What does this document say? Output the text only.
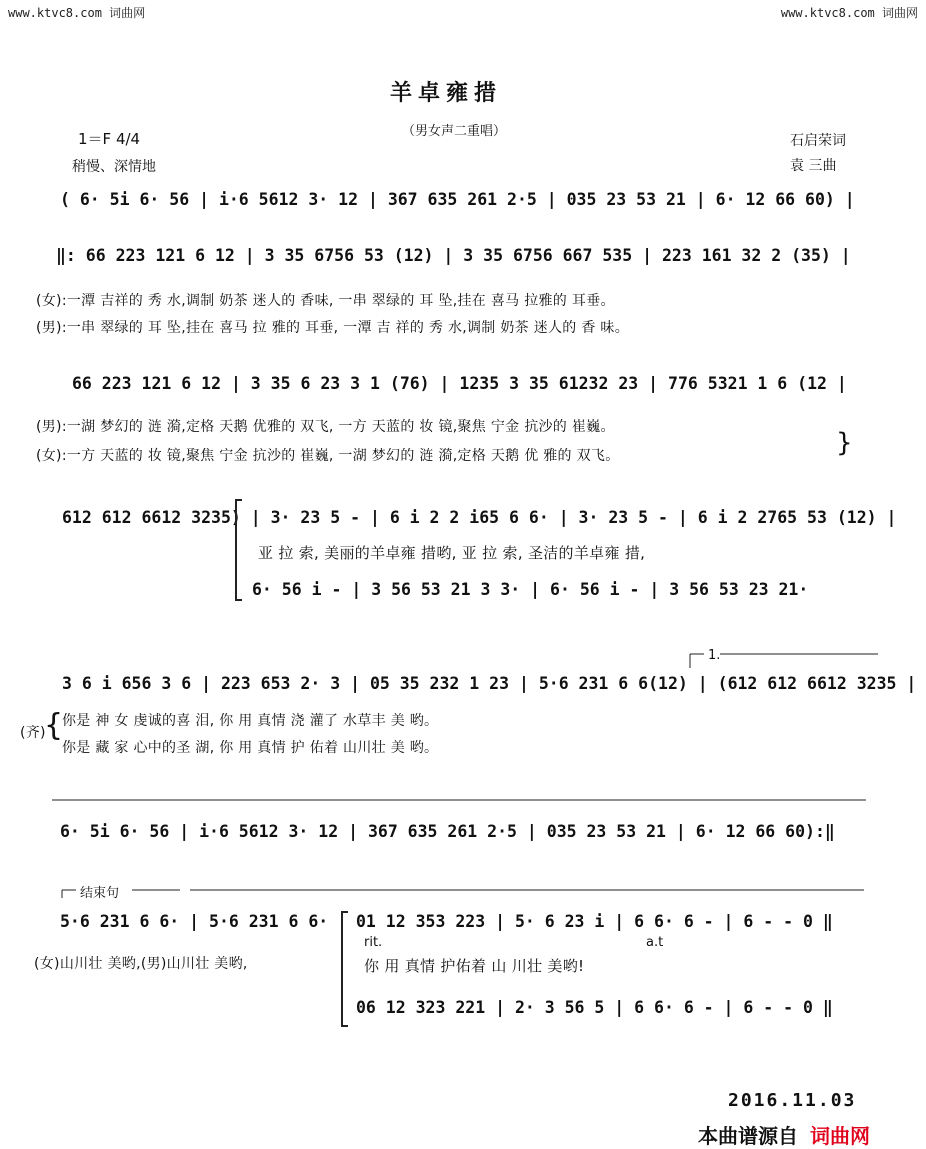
www.ktvc8.com 词曲网	www.ktvc8.com 词曲网
羊卓雍措
（男女声二重唱）
1＝F 4/4
稍慢、深情地
石启荣词
袁 三曲
( 6· 5i 6· 56 | i·6 5612 3· 12 | 367 635 261 2·5 | 035 23 53 21 | 6· 12 66 60) |
‖: 66 223 121 6 12 | 3 35 6756 53 (12) | 3 35 6756 667 535 | 223 161 32 2 (35) |
(女):一潭 吉祥的 秀 水,调制 奶茶 迷人的 香味, 一串 翠绿的 耳 坠,挂在 喜马 拉雅的 耳垂。
(男):一串 翠绿的 耳 坠,挂在 喜马 拉 雅的 耳垂, 一潭 吉 祥的 秀 水,调制 奶茶 迷人的 香 味。
66 223 121 6 12 | 3 35 6 23 3 1 (76) | 1235 3 35 61232 23 | 776 5321 1 6 (12 |
(男):一湖 梦幻的 涟 漪,定格 天鹅 优雅的 双飞, 一方 天蓝的 妆 镜,聚焦 宁金 抗沙的 崔巍。
(女):一方 天蓝的 妆 镜,聚焦 宁金 抗沙的 崔巍, 一湖 梦幻的 涟 漪,定格 天鹅 优 雅的 双飞。	}
612 612 6612 3235) | 3· 23 5 - | 6 i 2 2 i65 6 6· | 3· 23 5 - | 6 i 2 2765 53 (12) |
亚 拉 索, 美丽的羊卓雍 措哟, 亚 拉 索, 圣洁的羊卓雍 措,
6· 56 i - | 3 56 53 21 3 3· | 6· 56 i - | 3 56 53 23 21·
1.
3 6 i 656 3 6 | 223 653 2· 3 | 05 35 232 1 23 | 5·6 231 6 6(12) | (612 612 6612 3235 |
(齐)
{
你是 神 女 虔诚的喜 泪, 你 用 真情 浇 灌了 水草丰 美 哟。
你是 藏 家 心中的圣 湖, 你 用 真情 护 佑着 山川壮 美 哟。
6· 5i 6· 56 | i·6 5612 3· 12 | 367 635 261 2·5 | 035 23 53 21 | 6· 12 66 60):‖
结束句
5·6 231 6 6· | 5·6 231 6 6· 01 12 353 223 | 5· 6 23 i | 6 6· 6 - | 6 - - 0 ‖
rit.	a.t
(女)山川壮 美哟,(男)山川壮 美哟,	你 用 真情 护佑着 山 川壮 美哟!
06 12 323 221 | 2· 3 56 5 | 6 6· 6 - | 6 - - 0 ‖
2016.11.03
本曲谱源自 词曲网
